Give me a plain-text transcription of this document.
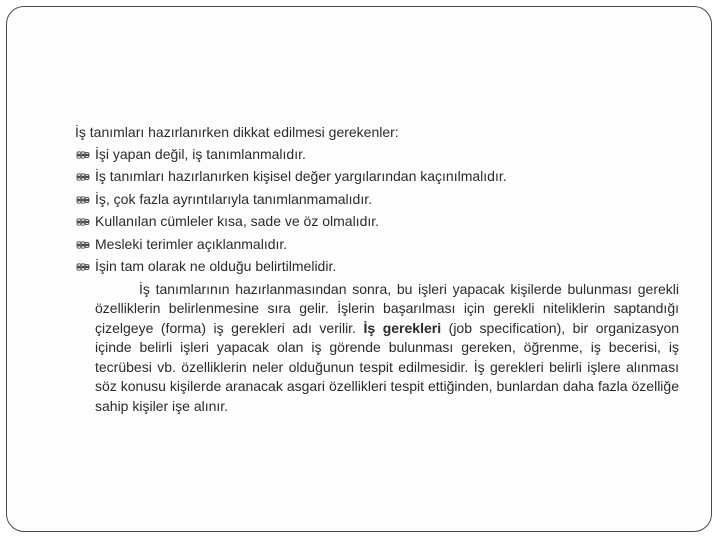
İş tanımları hazırlanırken dikkat edilmesi gerekenler:

İşi yapan değil, iş tanımlanmalıdır.
İş tanımları hazırlanırken kişisel değer yargılarından kaçınılmalıdır.
İş, çok fazla ayrıntılarıyla tanımlanmamalıdır.
Kullanılan cümleler kısa, sade ve öz olmalıdır.
Mesleki terimler açıklanmalıdır.
İşin tam olarak ne olduğu belirtilmelidir.

İş tanımlarının hazırlanmasından sonra, bu işleri yapacak kişilerde bulunması gerekli özelliklerin belirlenmesine sıra gelir. İşlerin başarılması için gerekli niteliklerin saptandığı çizelgeye (forma) iş gerekleri adı verilir. İş gerekleri (job specification), bir organizasyon içinde belirli işleri yapacak olan iş görende bulunması gereken, öğrenme, iş becerisi, iş tecrübesi vb. özelliklerin neler olduğunun tespit edilmesidir. İş gerekleri belirli işlere alınması söz konusu kişilerde aranacak asgari özellikleri tespit ettiğinden, bunlardan daha fazla özelliğe sahip kişiler işe alınır.
